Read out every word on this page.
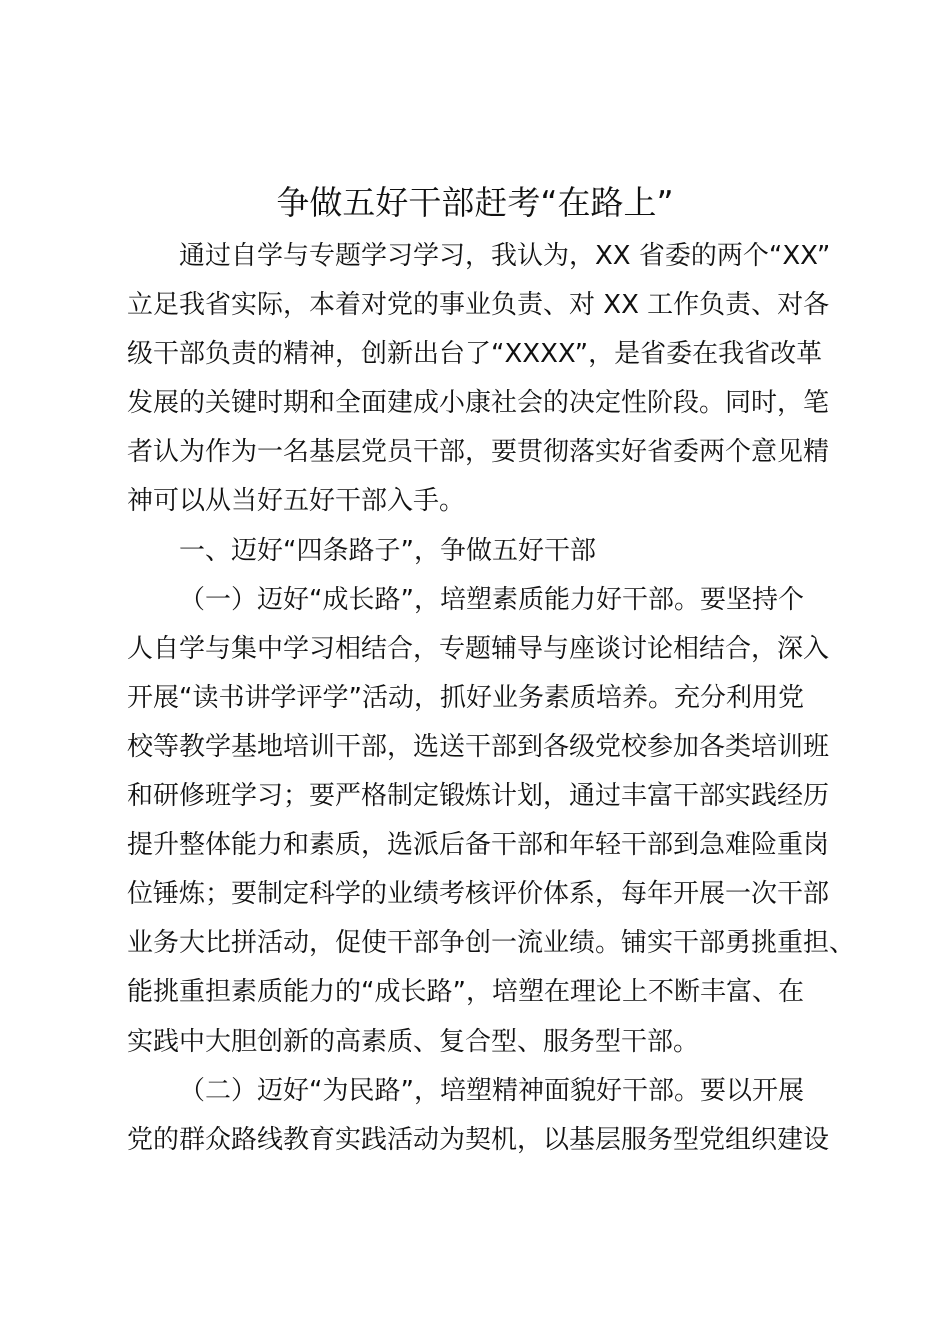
争做五好干部赶考“在路上”

通过自学与专题学习学习，我认为，XX 省委的两个“XX”

立足我省实际，本着对党的事业负责、对 XX 工作负责、对各

级干部负责的精神，创新出台了“XXXX”，是省委在我省改革

发展的关键时期和全面建成小康社会的决定性阶段。同时，笔

者认为作为一名基层党员干部，要贯彻落实好省委两个意见精

神可以从当好五好干部入手。

一、迈好“四条路子”，争做五好干部

（一）迈好“成长路”，培塑素质能力好干部。要坚持个

人自学与集中学习相结合，专题辅导与座谈讨论相结合，深入

开展“读书讲学评学”活动，抓好业务素质培养。充分利用党

校等教学基地培训干部，选送干部到各级党校参加各类培训班

和研修班学习；要严格制定锻炼计划，通过丰富干部实践经历

提升整体能力和素质，选派后备干部和年轻干部到急难险重岗

位锤炼；要制定科学的业绩考核评价体系，每年开展一次干部

业务大比拼活动，促使干部争创一流业绩。铺实干部勇挑重担、

能挑重担素质能力的“成长路”，培塑在理论上不断丰富、在

实践中大胆创新的高素质、复合型、服务型干部。

（二）迈好“为民路”，培塑精神面貌好干部。要以开展

党的群众路线教育实践活动为契机，以基层服务型党组织建设
